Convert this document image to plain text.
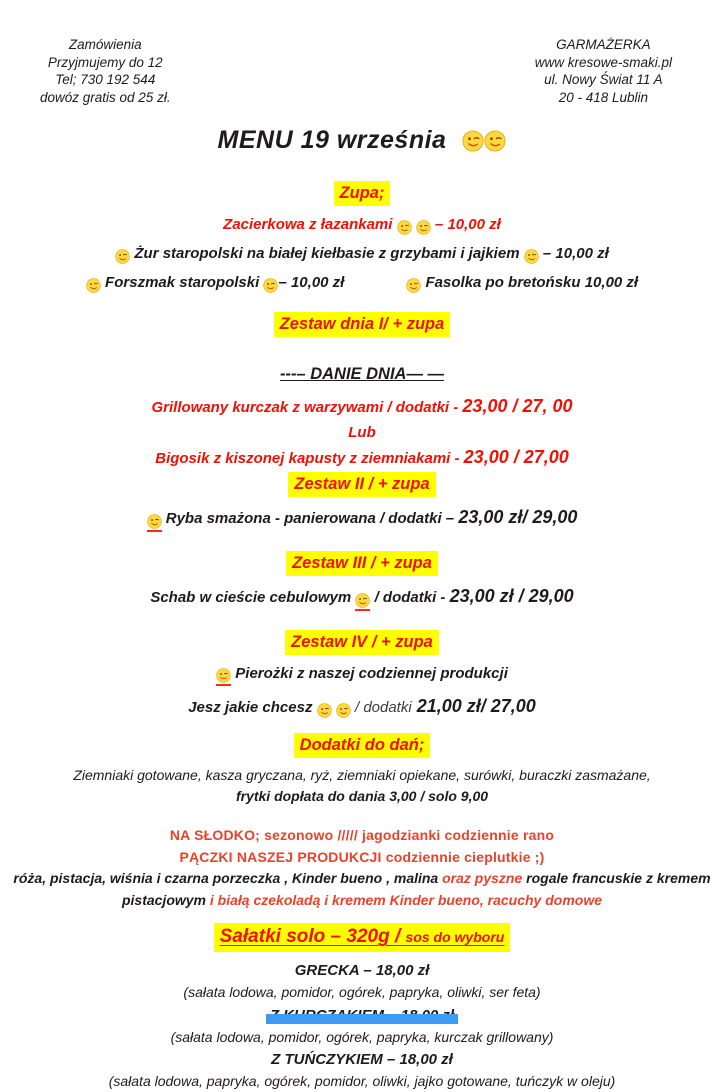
Zamówienia
Przyjmujemy do 12
Tel; 730 192 544
dowóz gratis od 25 zł.
GARMAŻERKA
www kresowe-smaki.pl
ul. Nowy Świat 11 A
20 - 418 Lublin
MENU 19 września
Zupa;
Zacierkowa z łazankami   – 10,00 zł
Żur staropolski na białej kiełbasie z grzybami i jajkiem  – 10,00 zł
Forszmak staropolski – 10,00 zł	Fasolka po bretońsku 10,00 zł
Zestaw dnia I/ + zupa
---– DANIE DNIA— —
Grillowany kurczak z warzywami / dodatki - 23,00 / 27, 00
Lub
Bigosik z kiszonej kapusty z ziemniakami - 23,00 / 27,00
Zestaw II / + zupa
Ryba smażona - panierowana / dodatki – 23,00 zł/ 29,00
Zestaw III / + zupa
Schab w cieście cebulowym  / dodatki - 23,00 zł / 29,00
Zestaw IV / + zupa
Pierożki z naszej codziennej produkcji
Jesz jakie chcesz   / dodatki 21,00 zł/ 27,00
Dodatki do dań;
Ziemniaki gotowane, kasza gryczana, ryż, ziemniaki opiekane, surówki, buraczki zasmażane,
frytki dopłata do dania 3,00 / solo 9,00
NA SŁODKO; sezonowo ///// jagodzianki codziennie rano
PĄCZKI NASZEJ PRODUKCJI codziennie cieplutkie ;)
róża, pistacja, wiśnia i czarna porzeczka , Kinder bueno , malina oraz pyszne rogale francuskie z kremem
pistacjowym i białą czekoladą i kremem Kinder bueno, racuchy domowe
Sałatki solo – 320g / sos do wyboru
GRECKA – 18,00 zł
(sałata lodowa, pomidor, ogórek, papryka, oliwki, ser feta)
(sałata lodowa, pomidor, ogórek, papryka, kurczak grillowany)
Z TUŃCZYKIEM – 18,00 zł
(sałata lodowa, papryka, ogórek, pomidor, oliwki, jajko gotowane, tuńczyk w oleju)
